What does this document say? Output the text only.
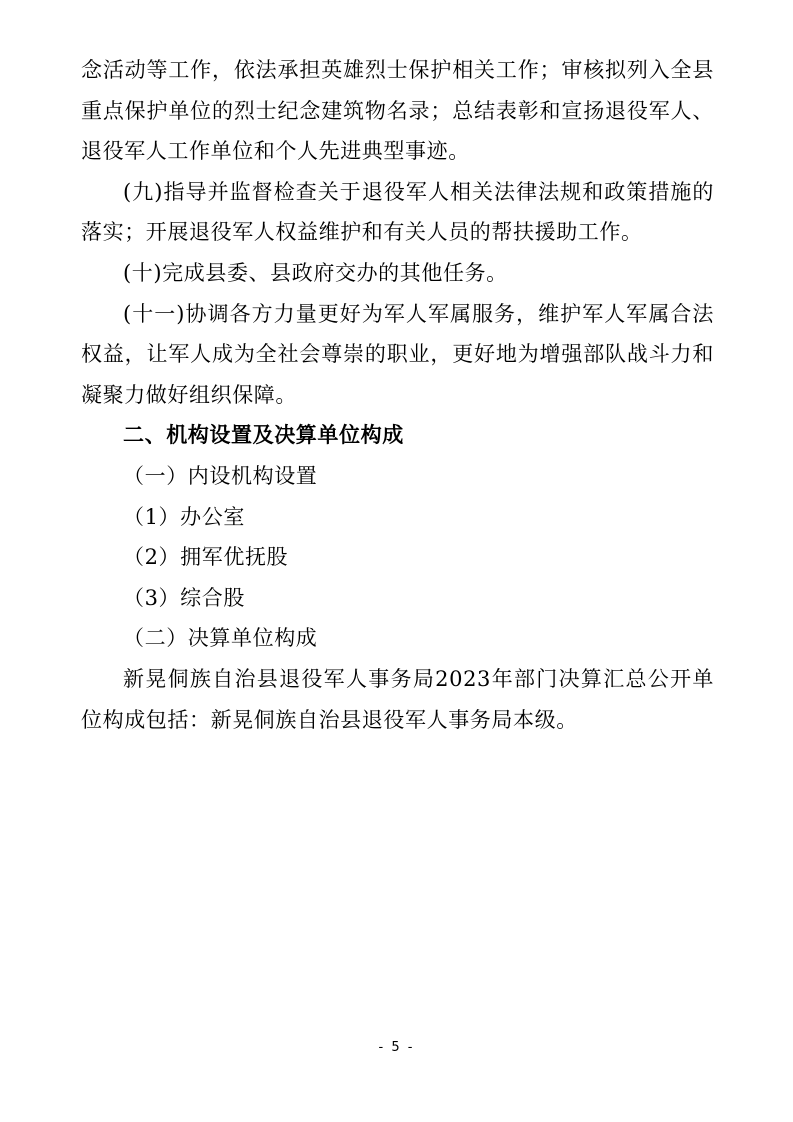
念活动等工作，依法承担英雄烈士保护相关工作；审核拟列入全县重点保护单位的烈士纪念建筑物名录；总结表彰和宣扬退役军人、退役军人工作单位和个人先进典型事迹。

(九)指导并监督检查关于退役军人相关法律法规和政策措施的落实；开展退役军人权益维护和有关人员的帮扶援助工作。

(十)完成县委、县政府交办的其他任务。

(十一)协调各方力量更好为军人军属服务，维护军人军属合法权益，让军人成为全社会尊崇的职业，更好地为增强部队战斗力和凝聚力做好组织保障。

二、机构设置及决算单位构成

（一）内设机构设置

（1）办公室

（2）拥军优抚股

（3）综合股

（二）决算单位构成

新晃侗族自治县退役军人事务局2023年部门决算汇总公开单位构成包括：新晃侗族自治县退役军人事务局本级。

- 5 -
